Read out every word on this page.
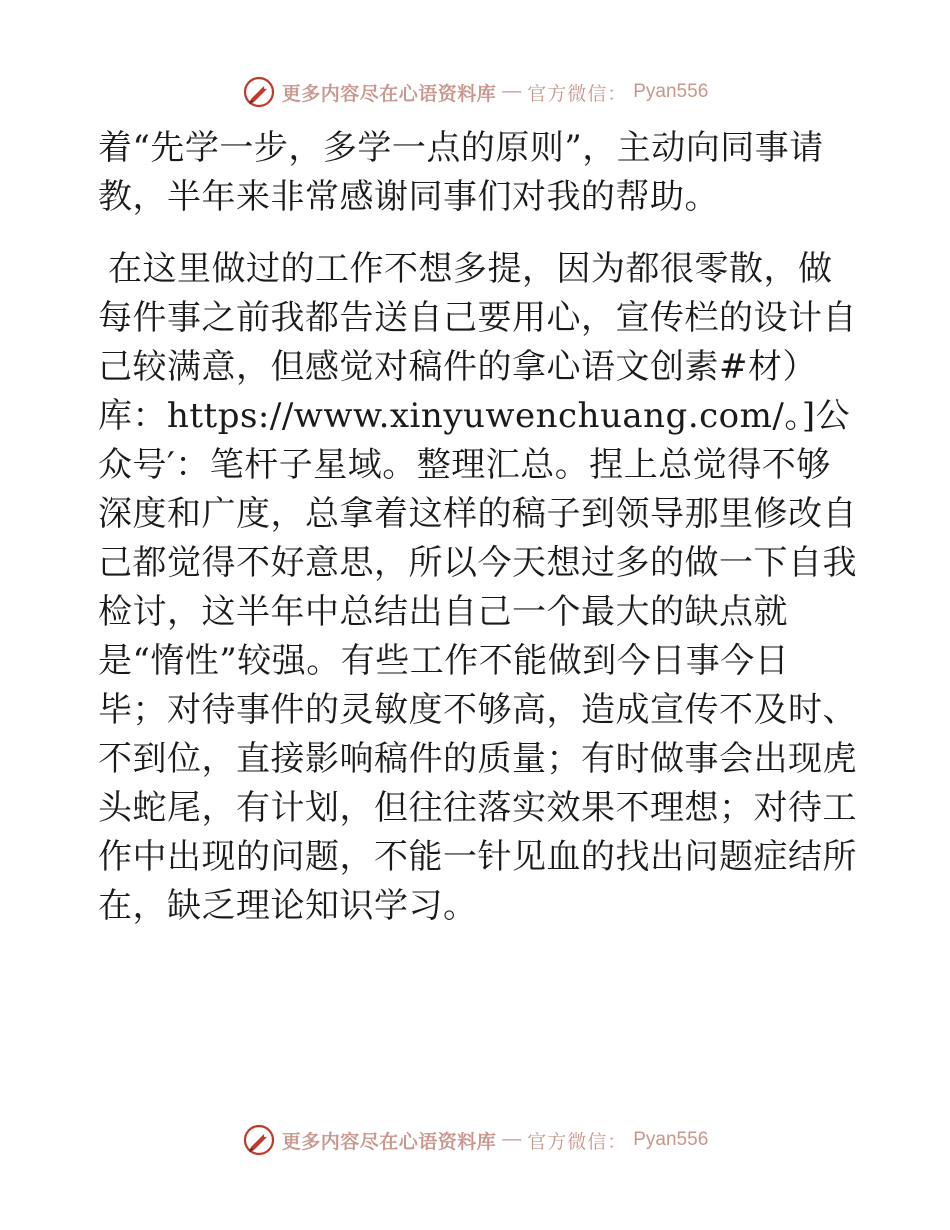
更多内容尽在心语资料库 — 官方微信： Pyan556

着“先学一步，多学一点的原则”，主动向同事请教，半年来非常感谢同事们对我的帮助。

在这里做过的工作不想多提，因为都很零散，做每件事之前我都告送自己要用心，宣传栏的设计自己较满意，但感觉对稿件的拿心语文创素#材）库：https://www.xinyuwenchuang.com/。]公众号′：笔杆子星域。整理汇总。捏上总觉得不够深度和广度，总拿着这样的稿子到领导那里修改自己都觉得不好意思，所以今天想过多的做一下自我检讨，这半年中总结出自己一个最大的缺点就是“惰性”较强。有些工作不能做到今日事今日毕；对待事件的灵敏度不够高，造成宣传不及时、不到位，直接影响稿件的质量；有时做事会出现虎头蛇尾，有计划，但往往落实效果不理想；对待工作中出现的问题，不能一针见血的找出问题症结所在，缺乏理论知识学习。

更多内容尽在心语资料库 — 官方微信： Pyan556
